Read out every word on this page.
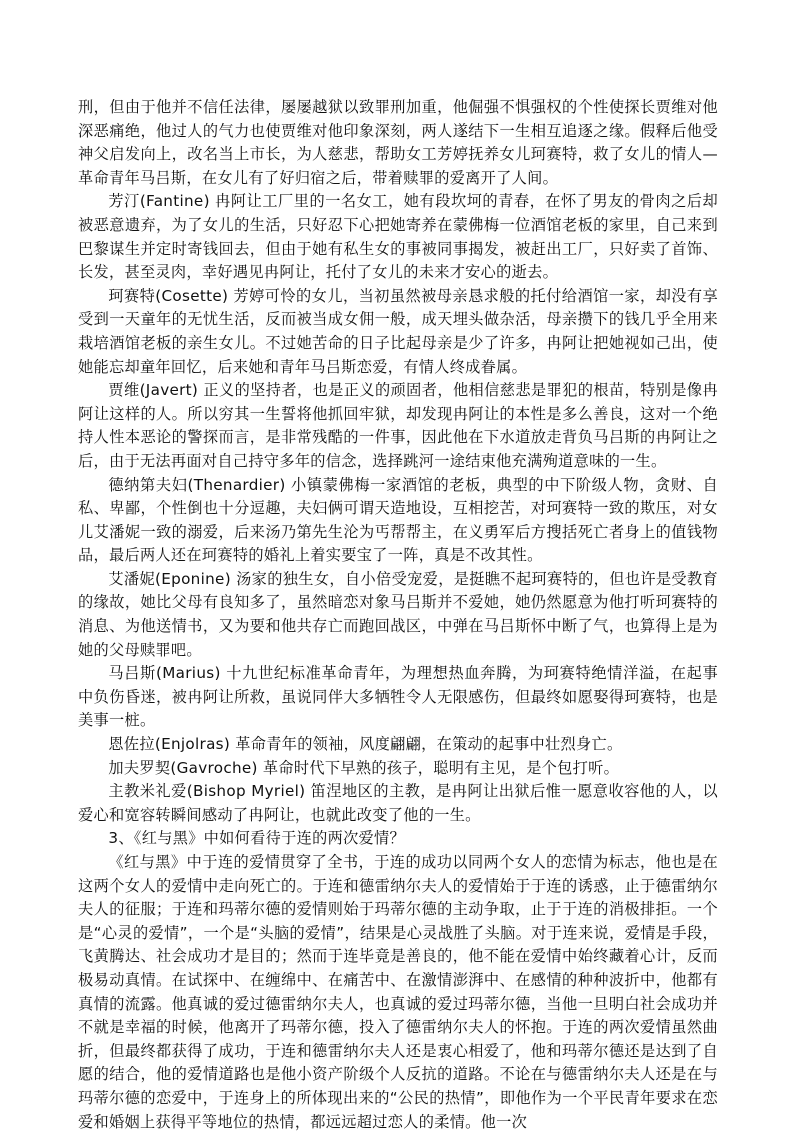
刑，但由于他并不信任法律，屡屡越狱以致罪刑加重，他倔强不惧强权的个性使探长贾维对他深恶痛绝，他过人的气力也使贾维对他印象深刻，两人遂结下一生相互追逐之缘。假释后他受神父启发向上，改名当上市长，为人慈悲，帮助女工芳婷抚养女儿珂赛特，救了女儿的情人—革命青年马吕斯，在女儿有了好归宿之后，带着赎罪的爱离开了人间。

芳汀(Fantine) 冉阿让工厂里的一名女工，她有段坎坷的青春，在怀了男友的骨肉之后却被恶意遗弃，为了女儿的生活，只好忍下心把她寄养在蒙佛梅一位酒馆老板的家里，自己来到巴黎谋生并定时寄钱回去，但由于她有私生女的事被同事揭发，被赶出工厂，只好卖了首饰、长发，甚至灵肉，幸好遇见冉阿让，托付了女儿的未来才安心的逝去。

珂赛特(Cosette) 芳婷可怜的女儿，当初虽然被母亲恳求般的托付给酒馆一家，却没有享受到一天童年的无忧生活，反而被当成女佣一般，成天埋头做杂活，母亲攒下的钱几乎全用来栽培酒馆老板的亲生女儿。不过她苦命的日子比起母亲是少了许多，冉阿让把她视如己出，使她能忘却童年回忆，后来她和青年马吕斯恋爱，有情人终成眷属。

贾维(Javert) 正义的坚持者，也是正义的顽固者，他相信慈悲是罪犯的根苗，特别是像冉阿让这样的人。所以穷其一生誓将他抓回牢狱，却发现冉阿让的本性是多么善良，这对一个绝持人性本恶论的警探而言，是非常残酷的一件事，因此他在下水道放走背负马吕斯的冉阿让之后，由于无法再面对自己持守多年的信念，选择跳河一途结束他充满殉道意味的一生。

德纳第夫妇(Thenardier) 小镇蒙佛梅一家酒馆的老板，典型的中下阶级人物，贪财、自私、卑鄙，个性倒也十分逗趣，夫妇俩可谓天造地设，互相挖苦，对珂赛特一致的欺压，对女儿艾潘妮一致的溺爱，后来汤乃第先生沦为丐帮帮主，在义勇军后方搜括死亡者身上的值钱物品，最后两人还在珂赛特的婚礼上着实要宝了一阵，真是不改其性。

艾潘妮(Eponine) 汤家的独生女，自小倍受宠爱，是挺瞧不起珂赛特的，但也许是受教育的缘故，她比父母有良知多了，虽然暗恋对象马吕斯并不爱她，她仍然愿意为他打听珂赛特的消息、为他送情书，又为要和他共存亡而跑回战区，中弹在马吕斯怀中断了气，也算得上是为她的父母赎罪吧。

马吕斯(Marius) 十九世纪标准革命青年，为理想热血奔腾，为珂赛特绝情洋溢，在起事中负伤昏迷，被冉阿让所救，虽说同伴大多牺牲令人无限感伤，但最终如愿娶得珂赛特，也是美事一桩。

恩佐拉(Enjolras) 革命青年的领袖，风度翩翩，在策动的起事中壮烈身亡。

加夫罗契(Gavroche) 革命时代下早熟的孩子，聪明有主见，是个包打听。

主教米礼爱(Bishop Myriel) 笛涅地区的主教，是冉阿让出狱后惟一愿意收容他的人，以爱心和宽容转瞬间感动了冉阿让，也就此改变了他的一生。

3、《红与黑》中如何看待于连的两次爱情？

《红与黑》中于连的爱情贯穿了全书，于连的成功以同两个女人的恋情为标志，他也是在这两个女人的爱情中走向死亡的。于连和德雷纳尔夫人的爱情始于于连的诱惑，止于德雷纳尔夫人的征服；于连和玛蒂尔德的爱情则始于玛蒂尔德的主动争取，止于于连的消极排拒。一个是“心灵的爱情”，一个是“头脑的爱情”，结果是心灵战胜了头脑。对于连来说，爱情是手段，飞黄腾达、社会成功才是目的；然而于连毕竟是善良的，他不能在爱情中始终藏着心计，反而极易动真情。在试探中、在缠绵中、在痛苦中、在激情澎湃中、在感情的种种波折中，他都有真情的流露。他真诚的爱过德雷纳尔夫人，也真诚的爱过玛蒂尔德，当他一旦明白社会成功并不就是幸福的时候，他离开了玛蒂尔德，投入了德雷纳尔夫人的怀抱。于连的两次爱情虽然曲折，但最终都获得了成功，于连和德雷纳尔夫人还是衷心相爱了，他和玛蒂尔德还是达到了自愿的结合，他的爱情道路也是他小资产阶级个人反抗的道路。不论在与德雷纳尔夫人还是在与玛蒂尔德的恋爱中，于连身上的所体现出来的“公民的热情”，即他作为一个平民青年要求在恋爱和婚姻上获得平等地位的热情，都远远超过恋人的柔情。他一次
